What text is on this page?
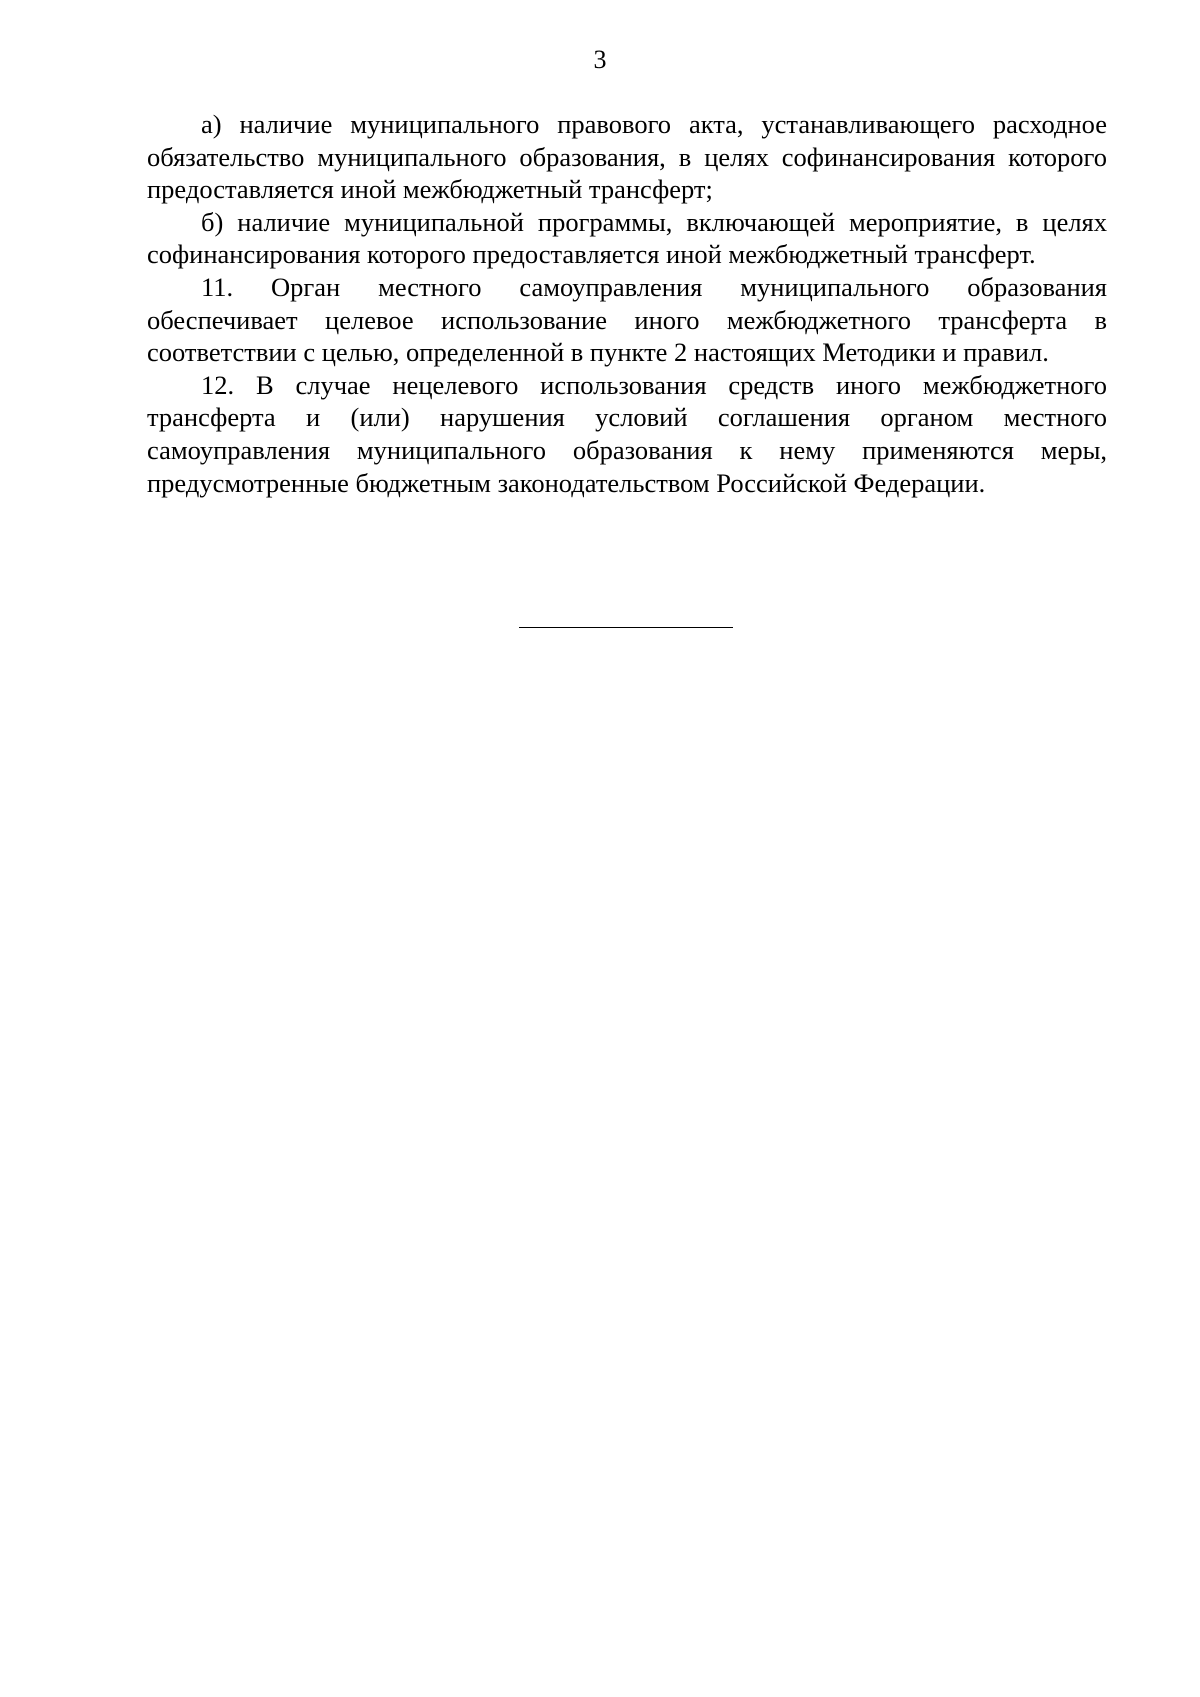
3

а) наличие муниципального правового акта, устанавливающего расходное обязательство муниципального образования, в целях софинансирования которого предоставляется иной межбюджетный трансферт;

б) наличие муниципальной программы, включающей мероприятие, в целях софинансирования которого предоставляется иной межбюджетный трансферт.

11. Орган местного самоуправления муниципального образования обеспечивает целевое использование иного межбюджетного трансферта в соответствии с целью, определенной в пункте 2 настоящих Методики и правил.

12. В случае нецелевого использования средств иного межбюджетного трансферта и (или) нарушения условий соглашения органом местного самоуправления муниципального образования к нему применяются меры, предусмотренные бюджетным законодательством Российской Федерации.
